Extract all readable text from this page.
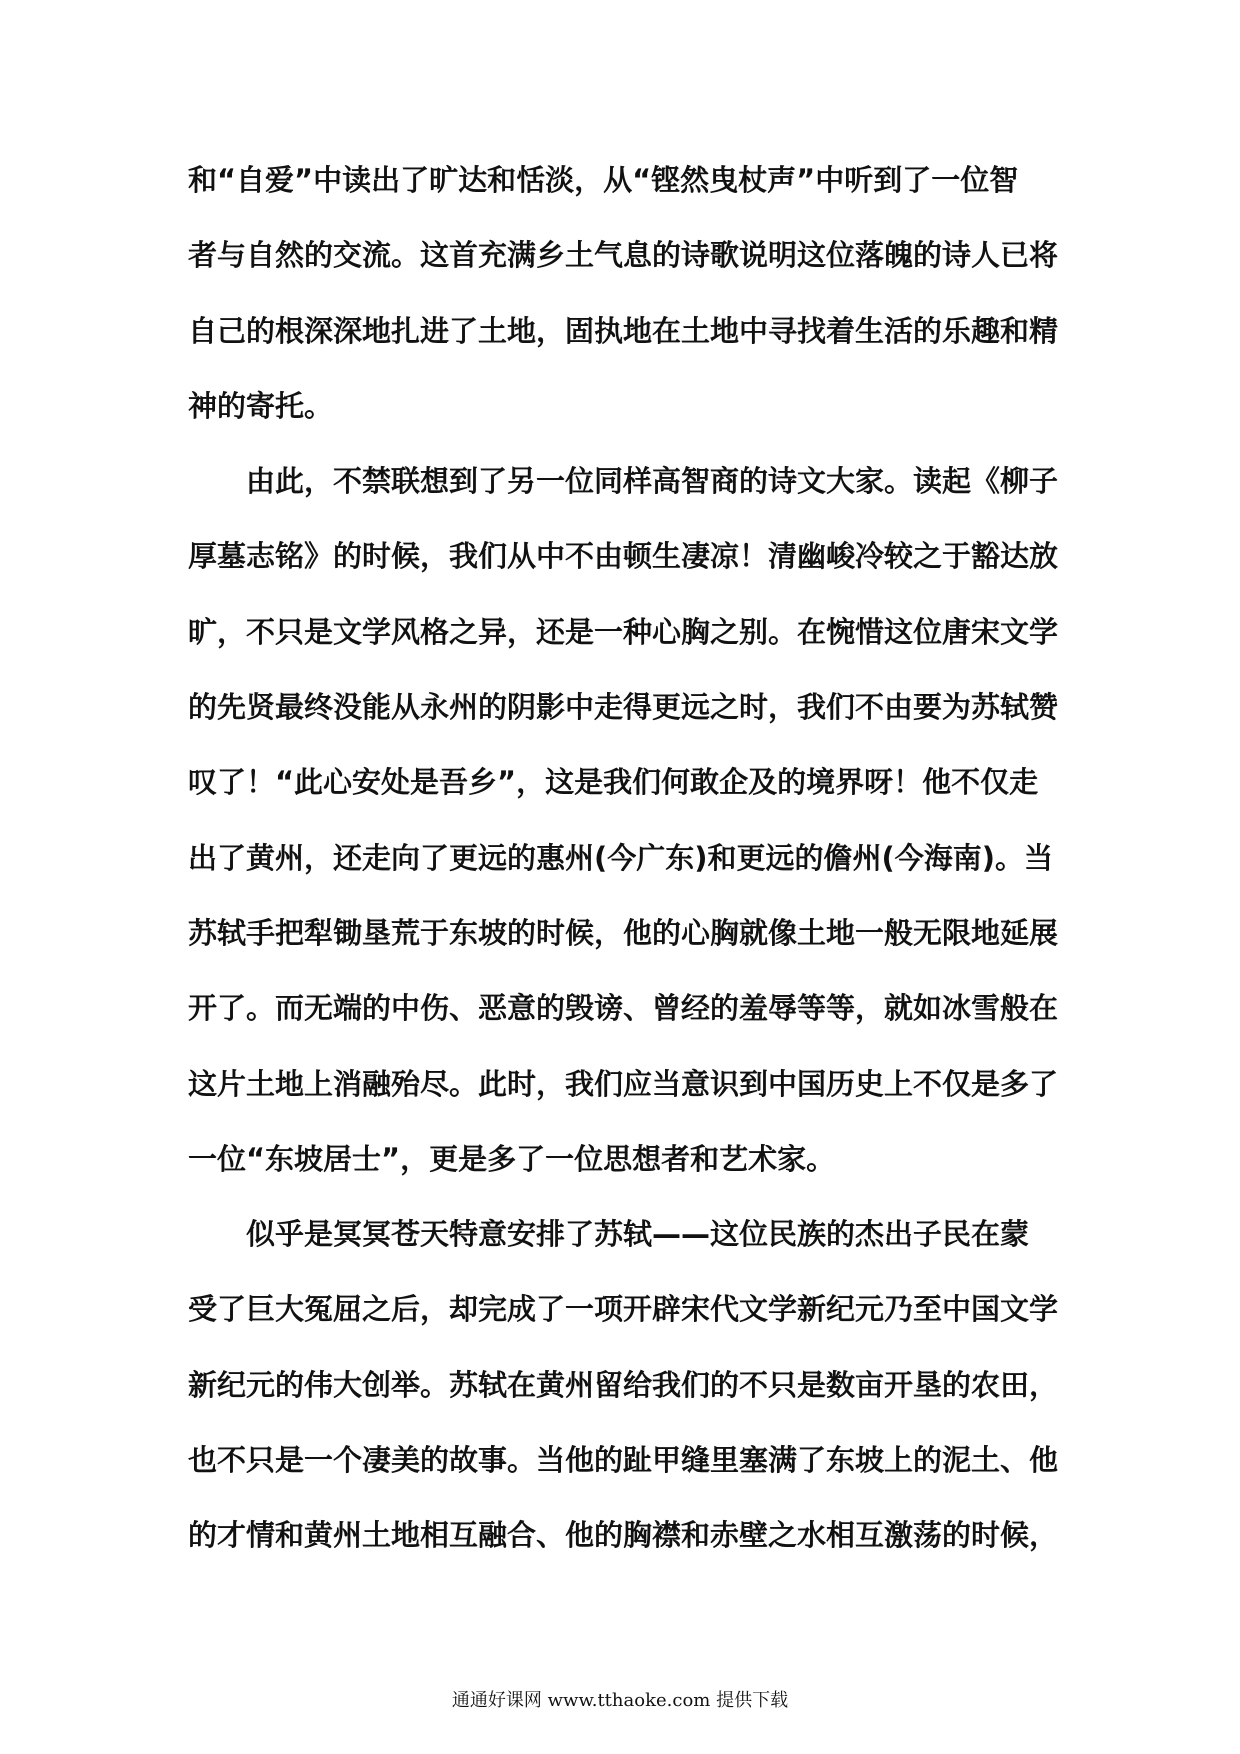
和“自爱”中读出了旷达和恬淡，从“铿然曳杖声”中听到了一位智
者与自然的交流。这首充满乡土气息的诗歌说明这位落魄的诗人已将
自己的根深深地扎进了土地，固执地在土地中寻找着生活的乐趣和精
神的寄托。
由此，不禁联想到了另一位同样高智商的诗文大家。读起《柳子
厚墓志铭》的时候，我们从中不由顿生凄凉！清幽峻冷较之于豁达放
旷，不只是文学风格之异，还是一种心胸之别。在惋惜这位唐宋文学
的先贤最终没能从永州的阴影中走得更远之时，我们不由要为苏轼赞
叹了！“此心安处是吾乡”，这是我们何敢企及的境界呀！他不仅走
出了黄州，还走向了更远的惠州(今广东)和更远的儋州(今海南)。当
苏轼手把犁锄垦荒于东坡的时候，他的心胸就像土地一般无限地延展
开了。而无端的中伤、恶意的毁谤、曾经的羞辱等等，就如冰雪般在
这片土地上消融殆尽。此时，我们应当意识到中国历史上不仅是多了
一位“东坡居士”，更是多了一位思想者和艺术家。
似乎是冥冥苍天特意安排了苏轼——这位民族的杰出子民在蒙
受了巨大冤屈之后，却完成了一项开辟宋代文学新纪元乃至中国文学
新纪元的伟大创举。苏轼在黄州留给我们的不只是数亩开垦的农田，
也不只是一个凄美的故事。当他的趾甲缝里塞满了东坡上的泥土、他
的才情和黄州土地相互融合、他的胸襟和赤壁之水相互激荡的时候，
通通好课网 www.tthaoke.com 提供下载
